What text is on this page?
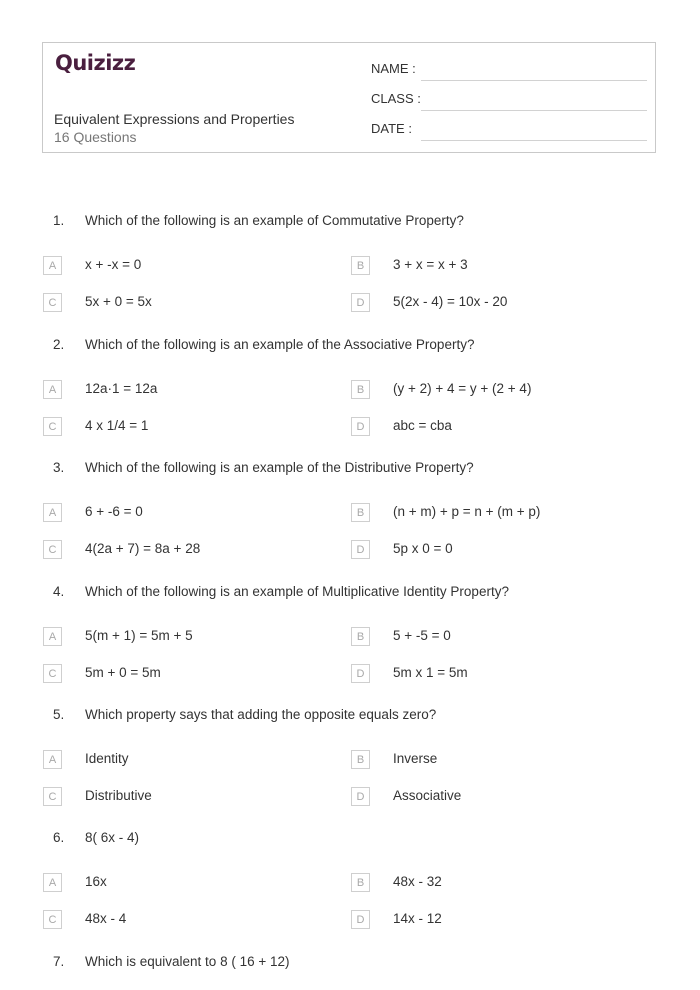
Quizizz
Equivalent Expressions and Properties
16 Questions
NAME :
CLASS :
DATE :
1. Which of the following is an example of Commutative Property?
A	x + -x = 0	B	3 + x = x + 3
C	5x + 0 = 5x	D	5(2x - 4) = 10x - 20
2. Which of the following is an example of the Associative Property?
A	12a·1 = 12a	B	(y + 2) + 4 = y + (2 + 4)
C	4 x 1/4 = 1	D	abc = cba
3. Which of the following is an example of the Distributive Property?
A	6 + -6 = 0	B	(n + m) + p = n + (m + p)
C	4(2a + 7) = 8a + 28	D	5p x 0 = 0
4. Which of the following is an example of Multiplicative Identity Property?
A	5(m + 1) = 5m + 5	B	5 + -5 = 0
C	5m + 0 = 5m	D	5m x 1 = 5m
5. Which property says that adding the opposite equals zero?
A	Identity	B	Inverse
C	Distributive	D	Associative
6. 8( 6x - 4)
A	16x	B	48x - 32
C	48x - 4	D	14x - 12
7. Which is equivalent to 8 ( 16 + 12)
